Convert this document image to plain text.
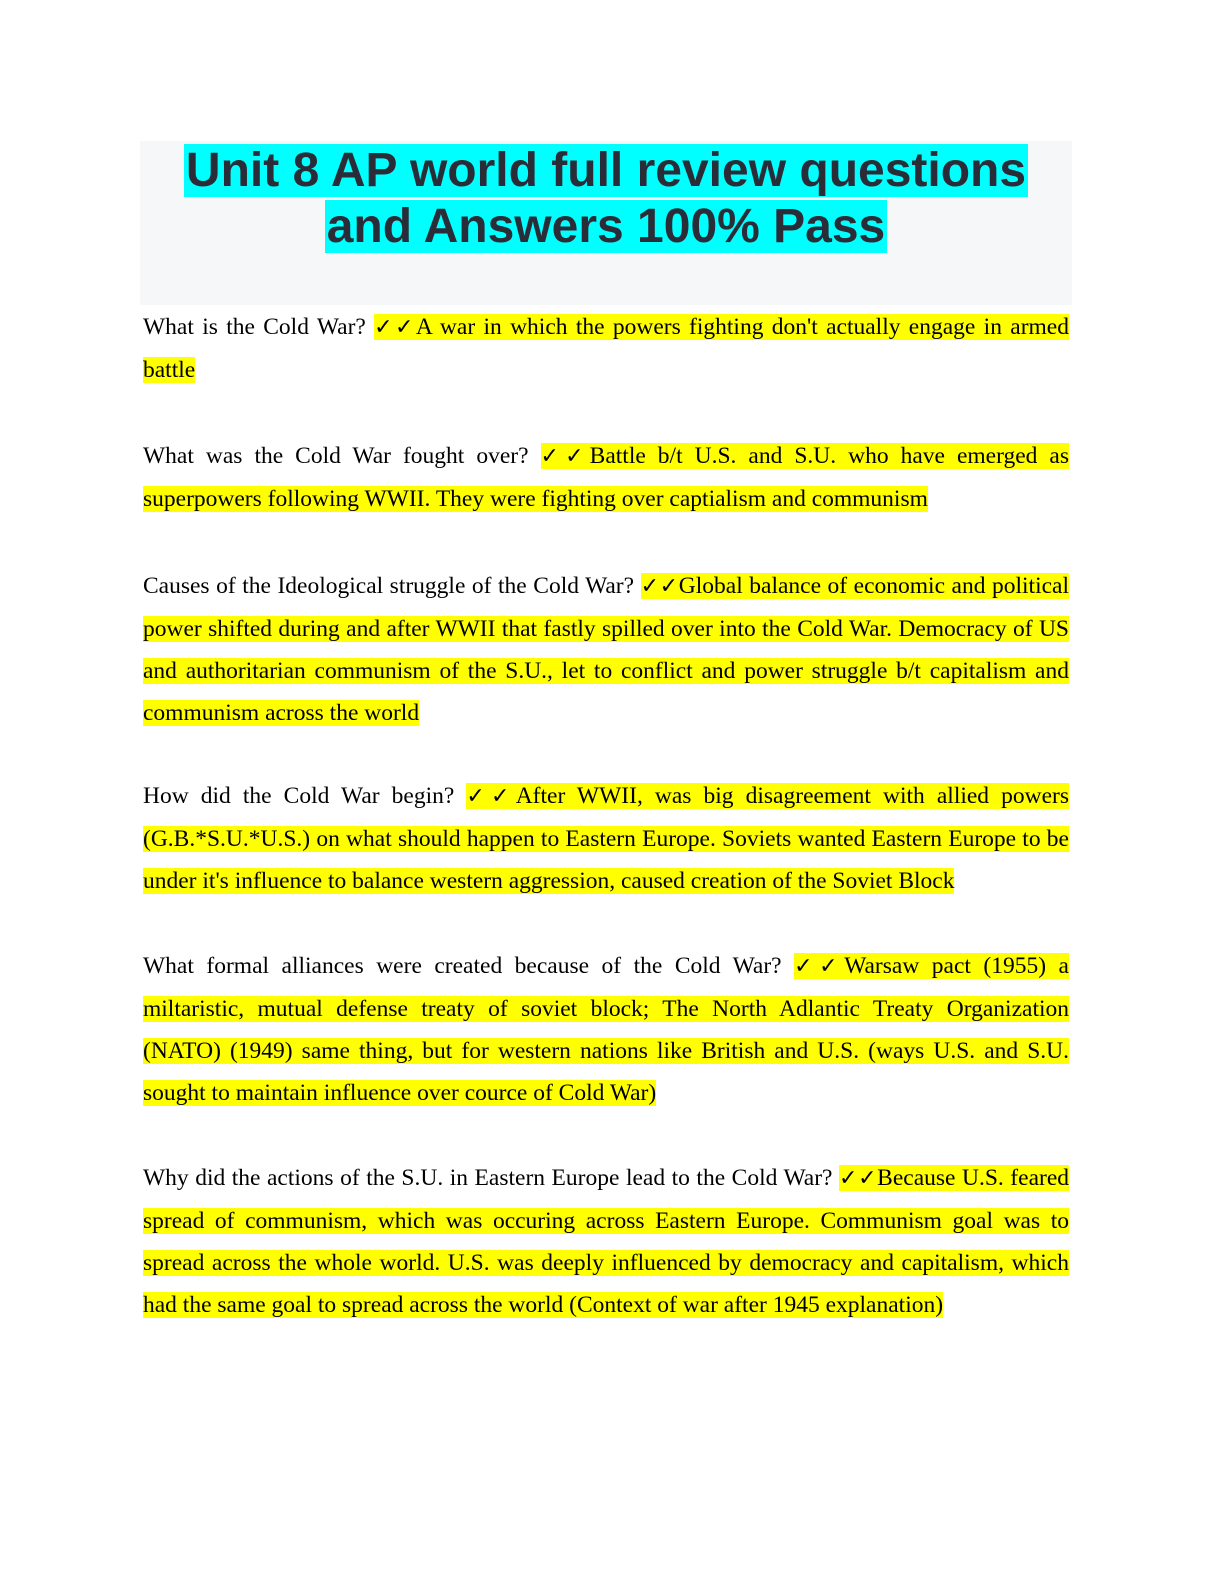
Unit 8 AP world full review questions
and Answers 100% Pass

What is the Cold War? ✓✓A war in which the powers fighting don't actually engage in armed battle

What was the Cold War fought over? ✓✓Battle b/t U.S. and S.U. who have emerged as superpowers following WWII. They were fighting over captialism and communism

Causes of the Ideological struggle of the Cold War? ✓✓Global balance of economic and political power shifted during and after WWII that fastly spilled over into the Cold War. Democracy of US and authoritarian communism of the S.U., let to conflict and power struggle b/t capitalism and communism across the world

How did the Cold War begin? ✓✓After WWII, was big disagreement with allied powers (G.B.*S.U.*U.S.) on what should happen to Eastern Europe. Soviets wanted Eastern Europe to be under it's influence to balance western aggression, caused creation of the Soviet Block

What formal alliances were created because of the Cold War? ✓✓Warsaw pact (1955) a miltaristic, mutual defense treaty of soviet block; The North Adlantic Treaty Organization (NATO) (1949) same thing, but for western nations like British and U.S. (ways U.S. and S.U. sought to maintain influence over cource of Cold War)

Why did the actions of the S.U. in Eastern Europe lead to the Cold War? ✓✓Because U.S. feared spread of communism, which was occuring across Eastern Europe. Communism goal was to spread across the whole world. U.S. was deeply influenced by democracy and capitalism, which had the same goal to spread across the world (Context of war after 1945 explanation)
